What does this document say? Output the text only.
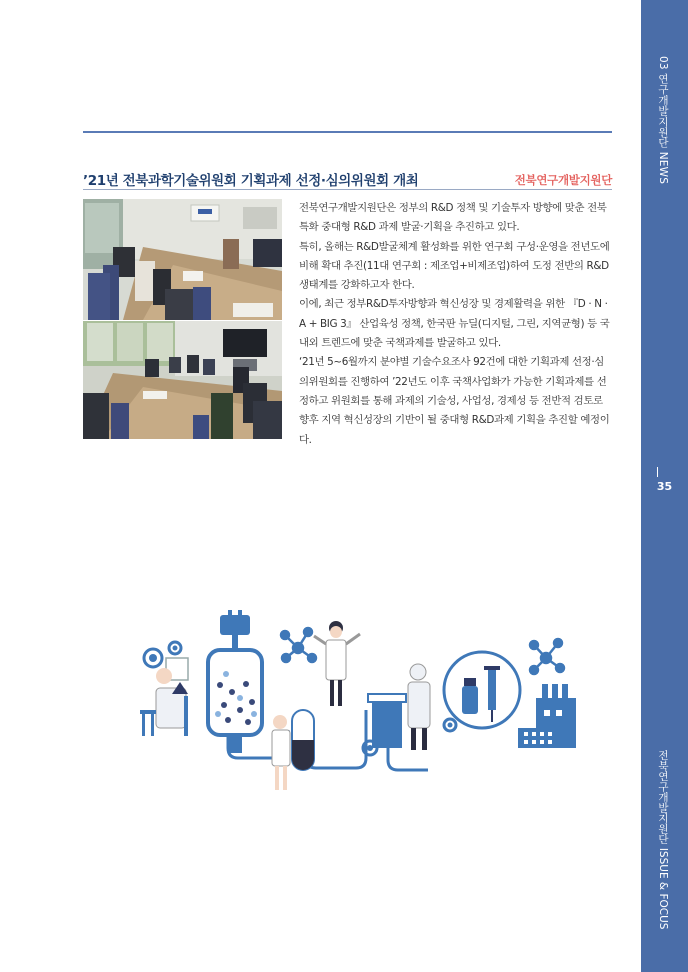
03 연구개발지원단 NEWS
35
전북연구개발지원단 ISSUE & FOCUS
’21년 전북과학기술위원회 기획과제 선정·심의위원회 개최	전북연구개발지원단

전북연구개발지원단은 정부의 R&D 정책 및 기술투자 방향에 맞춘 전북특화 중대형 R&D 과제 발굴·기획을 추진하고 있다.

특히, 올해는 R&D발굴체계 활성화를 위한 연구회 구성·운영을 전년도에 비해 확대 추진(11대 연구회 : 제조업+비제조업)하여 도정 전반의 R&D생태계를 강화하고자 한다.

이에, 최근 정부R&D투자방향과 혁신성장 및 경제활력을 위한 『D · N · A + BIG 3』 산업육성 정책, 한국판 뉴딜(디지털, 그린, 지역균형) 등 국내외 트렌드에 맞춘 국책과제를 발굴하고 있다.

‘21년 5~6월까지 분야별 기술수요조사 92건에 대한 기획과제 선정·심의위원회를 진행하여 ’22년도 이후 국책사업화가 가능한 기획과제를 선정하고 위원회를 통해 과제의 기술성, 사업성, 경제성 등 전반적 검토로 향후 지역 혁신성장의 기반이 될 중대형 R&D과제 기획을 추진할 예정이다.
